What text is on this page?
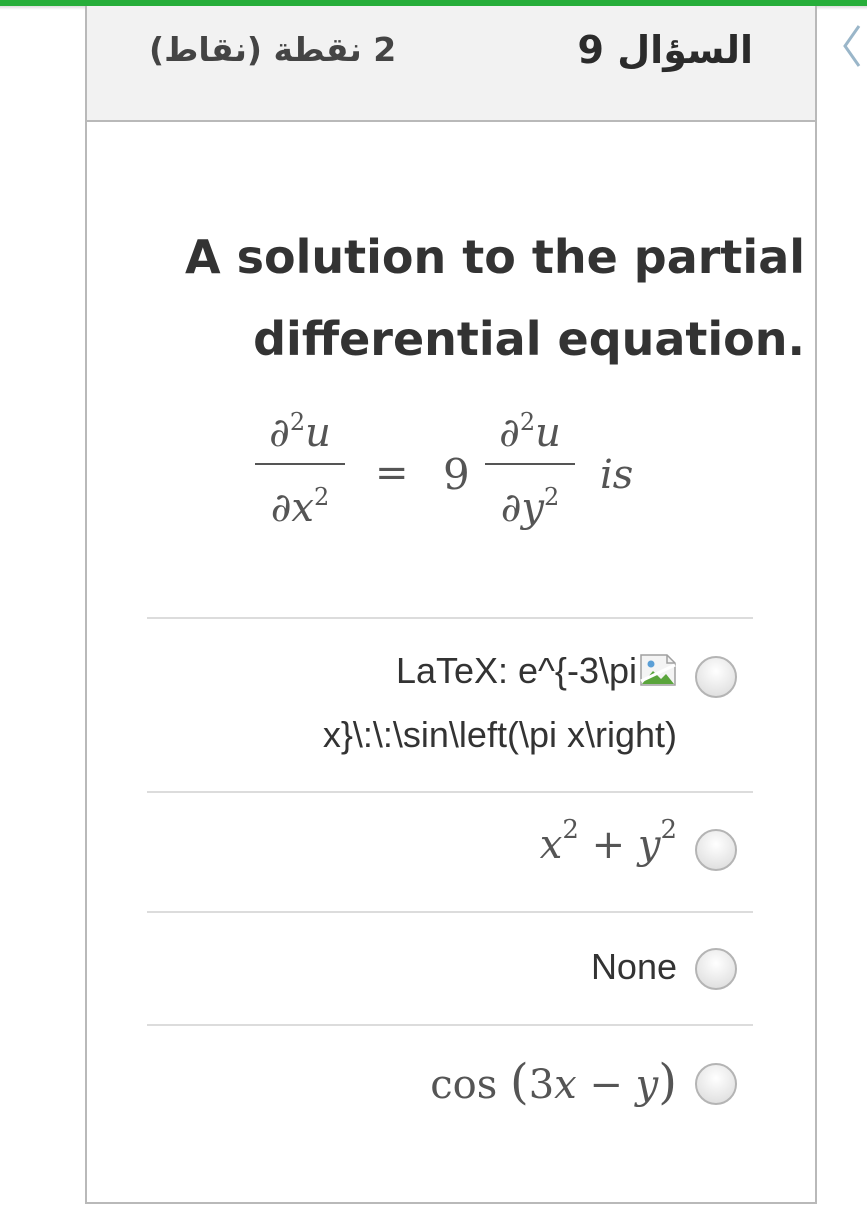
السؤال 9
2 نقطة (نقاط)
A solution to the partial
.differential equation
∂$^2$u
$\partial x^2$
= 9
∂$^2$u
$\partial y^2$	is
LaTeX: e^{-3\pi
x}\:\:\sin\left(\pi x\right)
$x^2 + y^2$
None
cos (3x − y)
